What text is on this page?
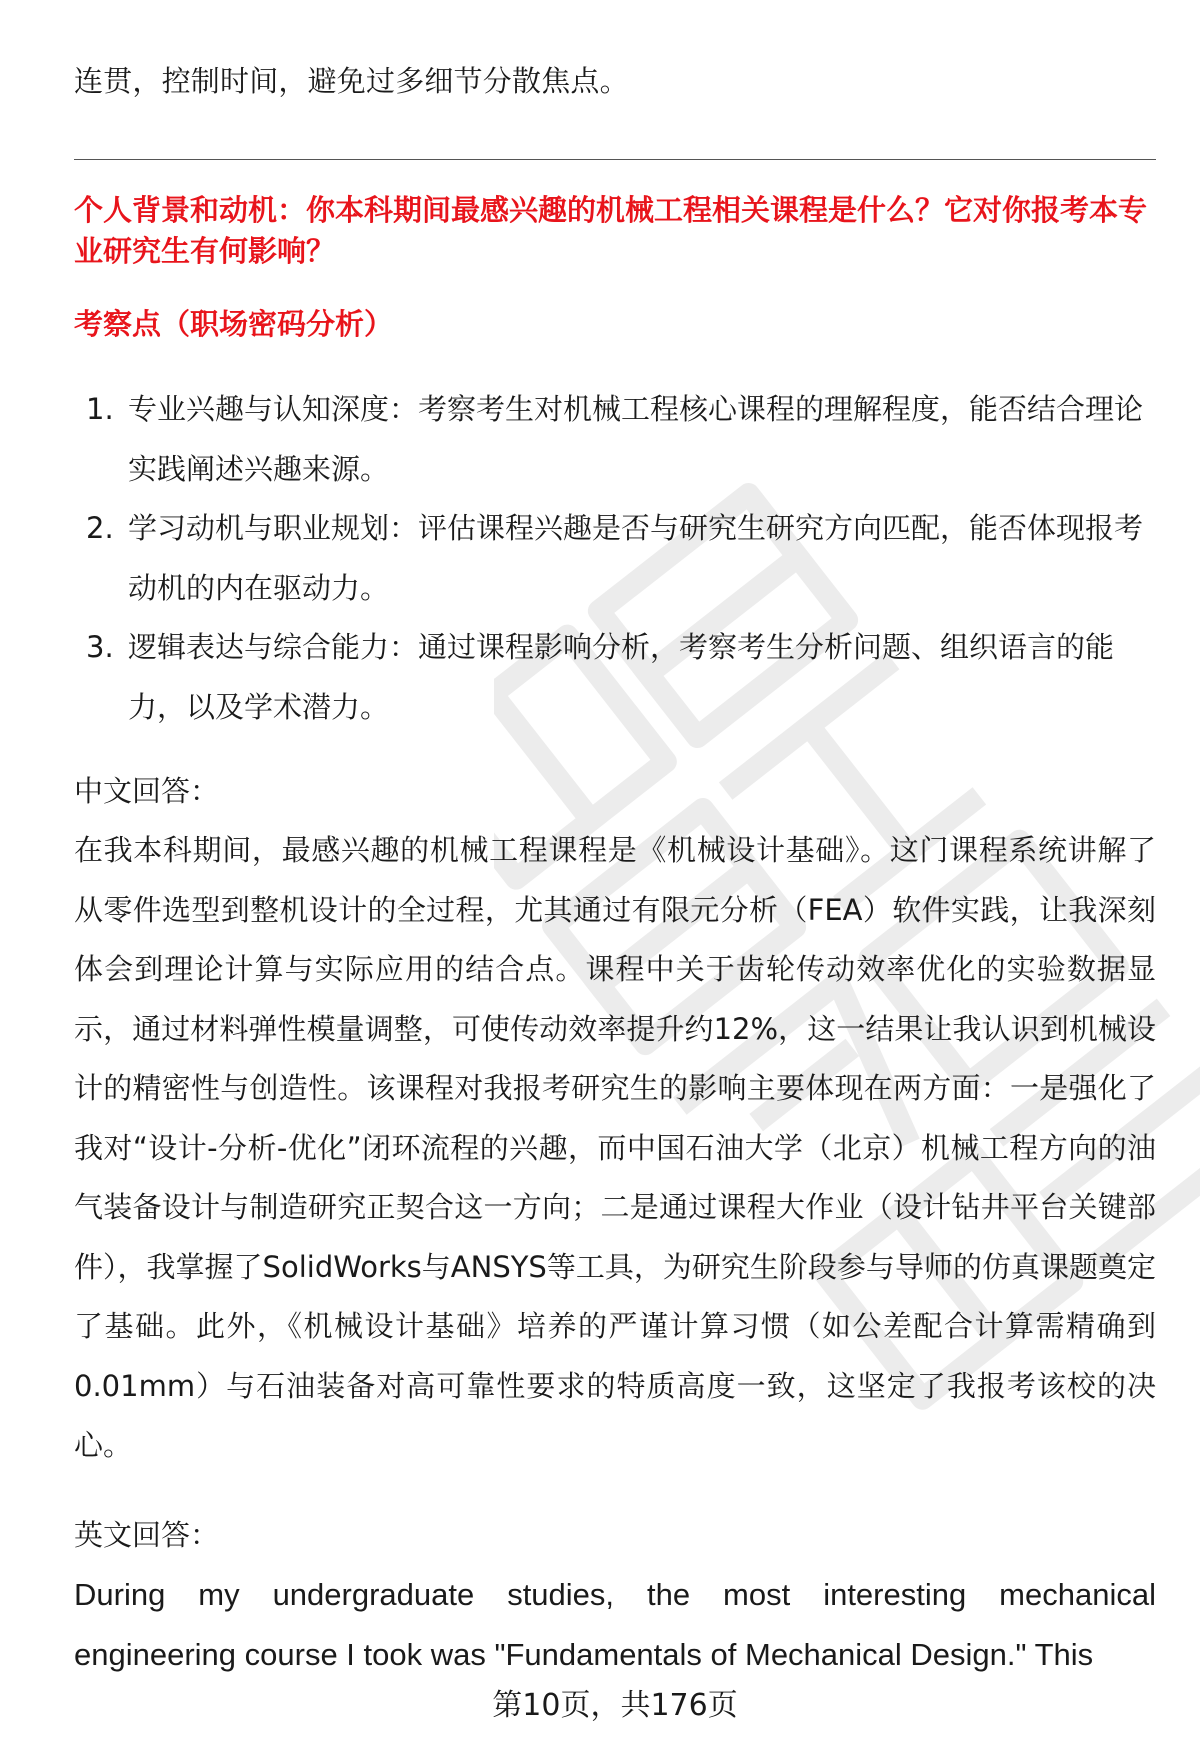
连贯，控制时间，避免过多细节分散焦点。
个人背景和动机：你本科期间最感兴趣的机械工程相关课程是什么？它对你报考本专业研究生有何影响？
考察点（职场密码分析）
1. 专业兴趣与认知深度：考察考生对机械工程核心课程的理解程度，能否结合理论实践阐述兴趣来源。
2. 学习动机与职业规划：评估课程兴趣是否与研究生研究方向匹配，能否体现报考动机的内在驱动力。
3. 逻辑表达与综合能力：通过课程影响分析，考察考生分析问题、组织语言的能力，以及学术潜力。
中文回答：
在我本科期间，最感兴趣的机械工程课程是《机械设计基础》。这门课程系统讲解了从零件选型到整机设计的全过程，尤其通过有限元分析（FEA）软件实践，让我深刻体会到理论计算与实际应用的结合点。课程中关于齿轮传动效率优化的实验数据显示，通过材料弹性模量调整，可使传动效率提升约12%，这一结果让我认识到机械设计的精密性与创造性。该课程对我报考研究生的影响主要体现在两方面：一是强化了我对“设计-分析-优化”闭环流程的兴趣，而中国石油大学（北京）机械工程方向的油气装备设计与制造研究正契合这一方向；二是通过课程大作业（设计钻井平台关键部件），我掌握了SolidWorks与ANSYS等工具，为研究生阶段参与导师的仿真课题奠定了基础。此外，《机械设计基础》培养的严谨计算习惯（如公差配合计算需精确到0.01mm）与石油装备对高可靠性要求的特质高度一致，这坚定了我报考该校的决心。
英文回答：
During my undergraduate studies, the most interesting mechanical engineering course I took was "Fundamentals of Mechanical Design." This
第10页，共176页
